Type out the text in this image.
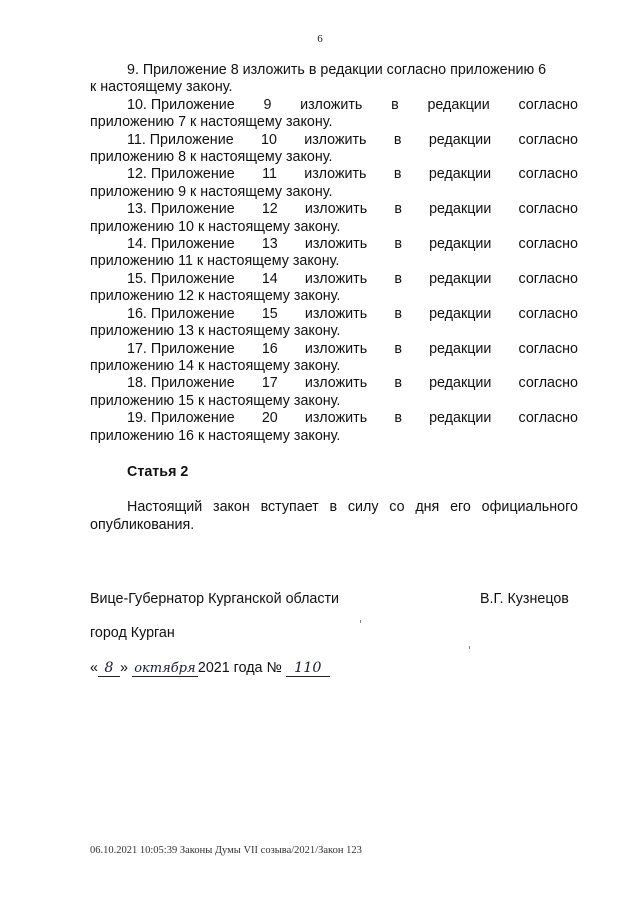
6
9. Приложение 8 изложить в редакции согласно приложению 6
к настоящему закону.
10. Приложение 9 изложить в редакции согласно
приложению 7 к настоящему закону.
11. Приложение 10 изложить в редакции согласно
приложению 8 к настоящему закону.
12. Приложение 11 изложить в редакции согласно
приложению 9 к настоящему закону.
13. Приложение 12 изложить в редакции согласно
приложению 10 к настоящему закону.
14. Приложение 13 изложить в редакции согласно
приложению 11 к настоящему закону.
15. Приложение 14 изложить в редакции согласно
приложению 12 к настоящему закону.
16. Приложение 15 изложить в редакции согласно
приложению 13 к настоящему закону.
17. Приложение 16 изложить в редакции согласно
приложению 14 к настоящему закону.
18. Приложение 17 изложить в редакции согласно
приложению 15 к настоящему закону.
19. Приложение 20 изложить в редакции согласно
приложению 16 к настоящему закону.
Статья 2
Настоящий закон вступает в силу со дня его официального
опубликования.
Вице-Губернатор Курганской области	В.Г. Кузнецов
город Курган
« 8 » октября 2021 года № 110
06.10.2021 10:05:39 Законы Думы VII созыва/2021/Закон 123
